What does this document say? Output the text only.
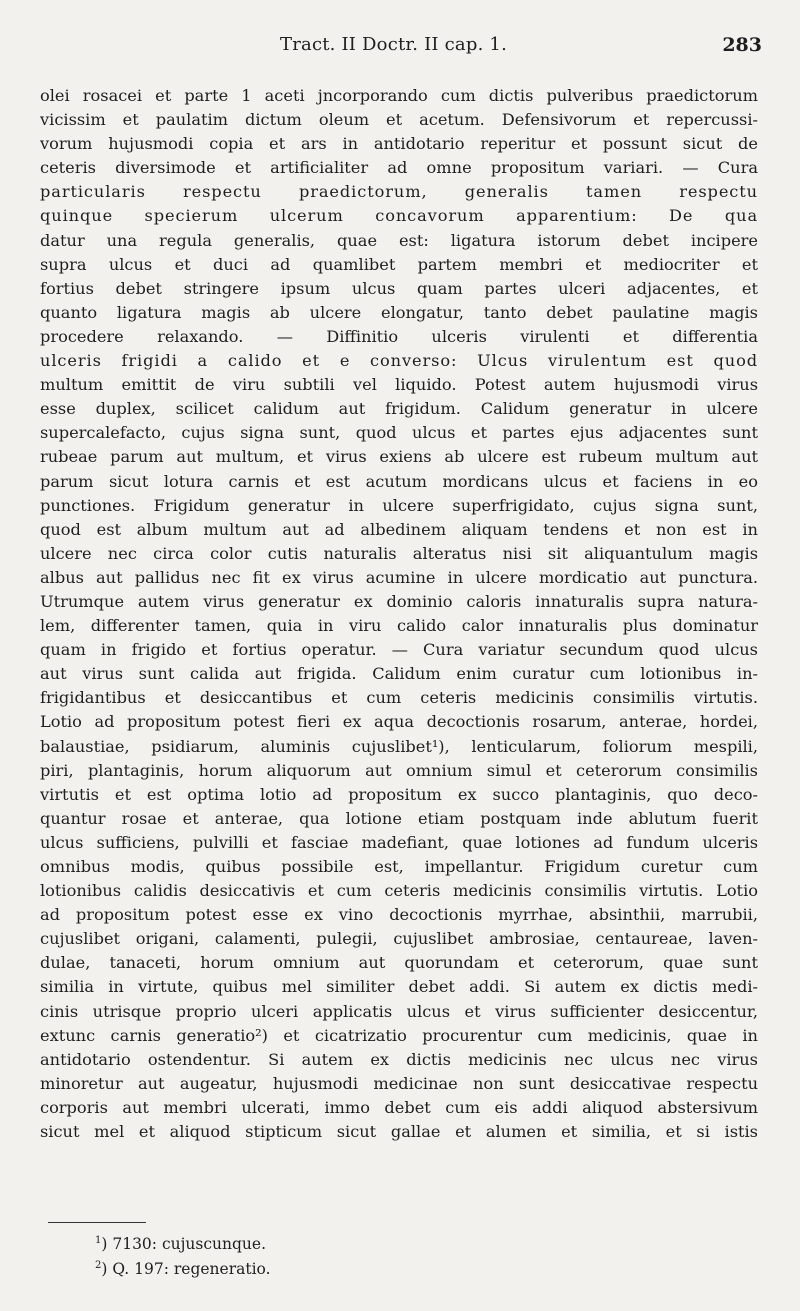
Tract. II Doctr. II cap. 1.	283
olei rosacei et parte 1 aceti jncorporando cum dictis pulveribus praedictorum
vicissim et paulatim dictum oleum et acetum. Defensivorum et repercussi-
vorum hujusmodi copia et ars in antidotario reperitur et possunt sicut de
ceteris diversimode et artificialiter ad omne propositum variari. — Cura
particularis respectu praedictorum, generalis tamen respectu
quinque specierum ulcerum concavorum apparentium: De qua
datur una regula generalis, quae est: ligatura istorum debet incipere
supra ulcus et duci ad quamlibet partem membri et mediocriter et
fortius debet stringere ipsum ulcus quam partes ulceri adjacentes, et
quanto ligatura magis ab ulcere elongatur, tanto debet paulatine magis
procedere relaxando. — Diffinitio ulceris virulenti et differentia
ulceris frigidi a calido et e converso: Ulcus virulentum est quod
multum emittit de viru subtili vel liquido. Potest autem hujusmodi virus
esse duplex, scilicet calidum aut frigidum. Calidum generatur in ulcere
supercalefacto, cujus signa sunt, quod ulcus et partes ejus adjacentes sunt
rubeae parum aut multum, et virus exiens ab ulcere est rubeum multum aut
parum sicut lotura carnis et est acutum mordicans ulcus et faciens in eo
punctiones. Frigidum generatur in ulcere superfrigidato, cujus signa sunt,
quod est album multum aut ad albedinem aliquam tendens et non est in
ulcere nec circa color cutis naturalis alteratus nisi sit aliquantulum magis
albus aut pallidus nec fit ex virus acumine in ulcere mordicatio aut punctura.
Utrumque autem virus generatur ex dominio caloris innaturalis supra natura-
lem, differenter tamen, quia in viru calido calor innaturalis plus dominatur
quam in frigido et fortius operatur. — Cura variatur secundum quod ulcus
aut virus sunt calida aut frigida. Calidum enim curatur cum lotionibus in-
frigidantibus et desiccantibus et cum ceteris medicinis consimilis virtutis.
Lotio ad propositum potest fieri ex aqua decoctionis rosarum, anterae, hordei,
balaustiae, psidiarum, aluminis cujuslibet¹), lenticularum, foliorum mespili,
piri, plantaginis, horum aliquorum aut omnium simul et ceterorum consimilis
virtutis et est optima lotio ad propositum ex succo plantaginis, quo deco-
quantur rosae et anterae, qua lotione etiam postquam inde ablutum fuerit
ulcus sufficiens, pulvilli et fasciae madefiant, quae lotiones ad fundum ulceris
omnibus modis, quibus possibile est, impellantur. Frigidum curetur cum
lotionibus calidis desiccativis et cum ceteris medicinis consimilis virtutis. Lotio
ad propositum potest esse ex vino decoctionis myrrhae, absinthii, marrubii,
cujuslibet origani, calamenti, pulegii, cujuslibet ambrosiae, centaureae, laven-
dulae, tanaceti, horum omnium aut quorundam et ceterorum, quae sunt
similia in virtute, quibus mel similiter debet addi. Si autem ex dictis medi-
cinis utrisque proprio ulceri applicatis ulcus et virus sufficienter desiccentur,
extunc carnis generatio²) et cicatrizatio procurentur cum medicinis, quae in
antidotario ostendentur. Si autem ex dictis medicinis nec ulcus nec virus
minoretur aut augeatur, hujusmodi medicinae non sunt desiccativae respectu
corporis aut membri ulcerati, immo debet cum eis addi aliquod abstersivum
sicut mel et aliquod stipticum sicut gallae et alumen et similia, et si istis
$^1$) 7130: cujuscunque.
$^2$) Q. 197: regeneratio.
